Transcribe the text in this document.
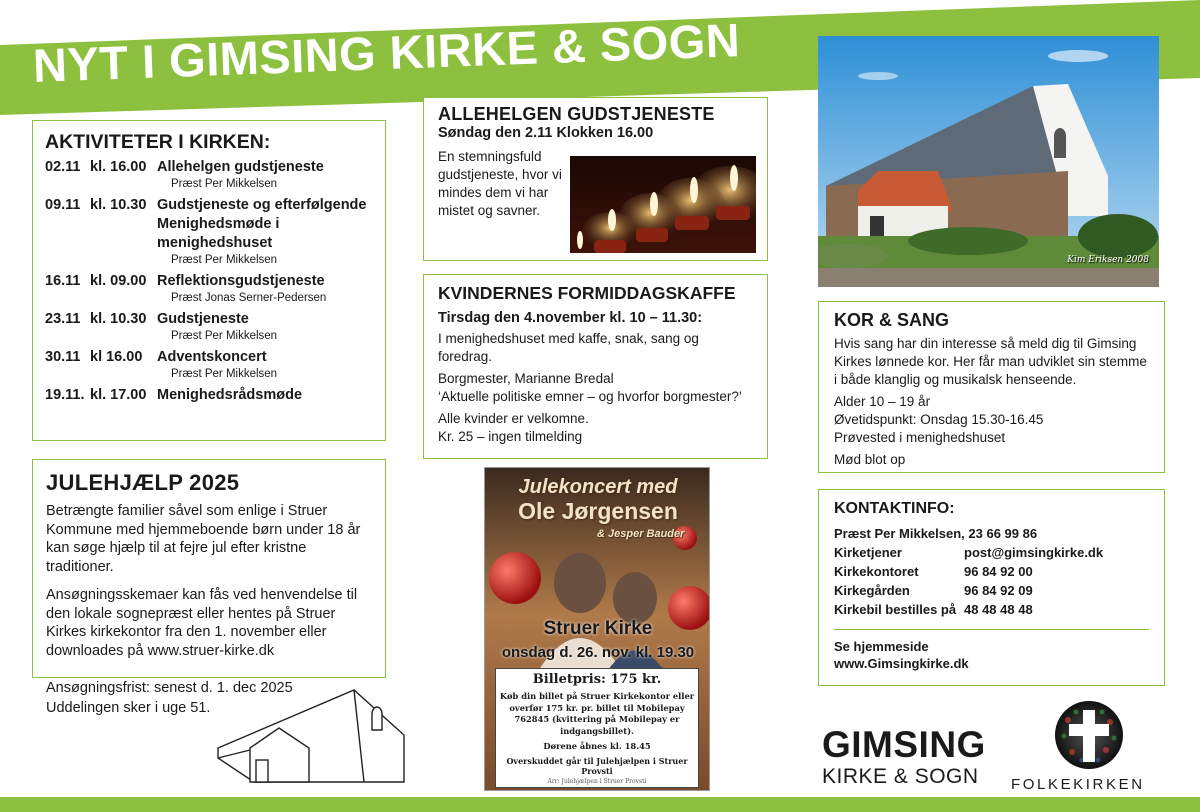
NYT I GIMSING KIRKE & SOGN
AKTIVITETER I KIRKEN:
02.11 kl. 16.00 Allehelgen gudstjeneste
Præst Per Mikkelsen
09.11 kl. 10.30 Gudstjeneste og efterfølgende Menighedsmøde i menighedshuset
Præst Per Mikkelsen
16.11 kl. 09.00 Reflektionsgudstjeneste
Præst Jonas Serner-Pedersen
23.11 kl. 10.30 Gudstjeneste
Præst Per Mikkelsen
30.11 kl 16.00	Adventskoncert
Præst Per Mikkelsen
19.11. kl. 17.00 Menighedsrådsmøde
JULEHJÆLP 2025

Betrængte familier såvel som enlige i Struer Kommune med hjemmeboende børn under 18 år kan søge hjælp til at fejre jul efter kristne traditioner.

Ansøgningsskemaer kan fås ved henvendelse til den lokale sognepræst eller hentes på Struer Kirkes kirkekontor fra den 1. november eller downloades på www.struer-kirke.dk

Ansøgningsfrist: senest d. 1. dec 2025

Uddelingen sker i uge 51.

ALLEHELGEN GUDSTJENESTE
Søndag den 2.11 Klokken 16.00
En stemningsfuld gudstjeneste, hvor vi mindes dem vi har mistet og savner.
KVINDERNES FORMIDDAGSKAFFE
Tirsdag den 4.november kl. 10 – 11.30:

I menighedshuset med kaffe, snak, sang og foredrag.

Borgmester, Marianne Bredal
‘Aktuelle politiske emner – og hvorfor borgmester?’

Alle kvinder er velkomne.
Kr. 25 – ingen tilmelding

Julekoncert med
Ole Jørgensen
& Jesper Bauder
Struer Kirke
onsdag d. 26. nov. kl. 19.30
Billetpris: 175 kr.
Køb din billet på Struer Kirkekontor eller overfør 175 kr. pr. billet til Mobilepay 762845 (kvittering på Mobilepay er indgangsbillet).
Dørene åbnes kl. 18.45
Overskuddet går til Julehjælpen i Struer Provsti
Arr: Julehjælpen i Struer Provsti
Kim Eriksen 2008
KOR & SANG

Hvis sang har din interesse så meld dig til Gimsing Kirkes lønnede kor. Her får man udviklet sin stemme i både klanglig og musikalsk henseende.

Alder 10 – 19 år

Øvetidspunkt: Onsdag 15.30-16.45

Prøvested i menighedshuset

Mød blot op

KONTAKTINFO:
Præst Per Mikkelsen, 23 66 99 86
Kirketjener	post@gimsingkirke.dk
Kirkekontoret	96 84 92 00
Kirkegården	96 84 92 09
Kirkebil bestilles på 48 48 48 48
Se hjemmeside
www.Gimsingkirke.dk
GIMSING
KIRKE & SOGN	FOLKEKIRKEN
